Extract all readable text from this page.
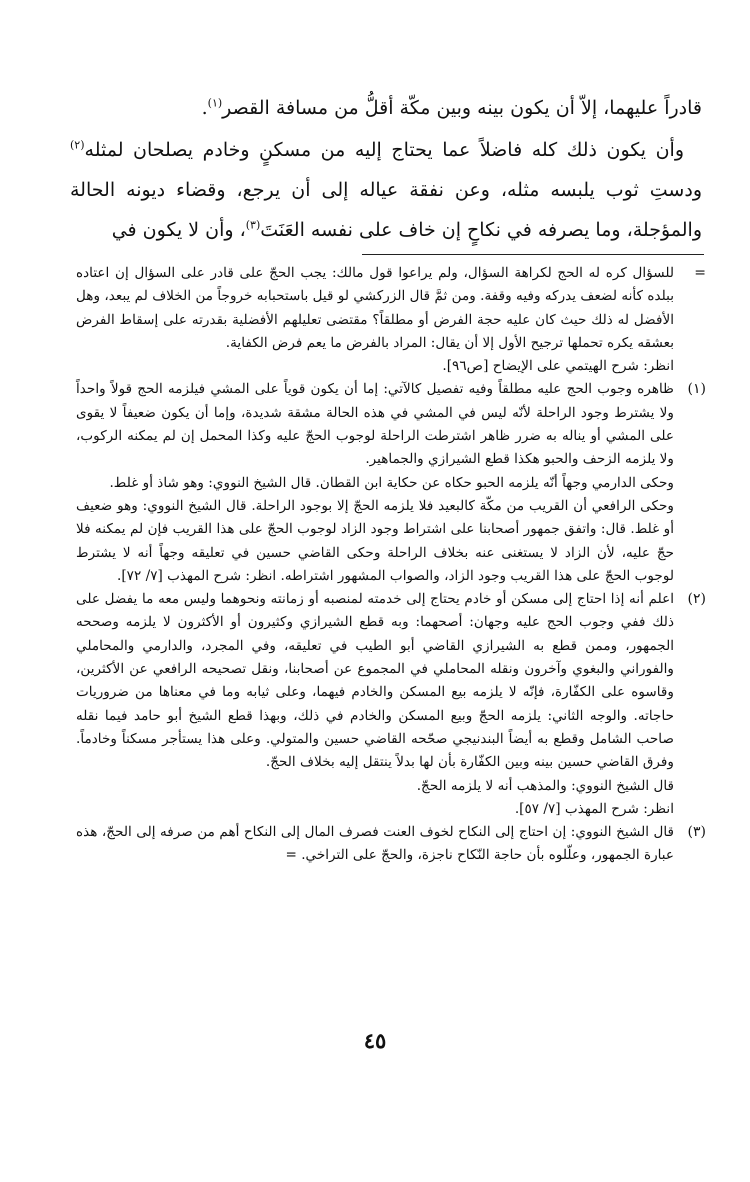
قادراً عليهما، إلاّ أن يكون بينه وبين مكّة أقلُّ من مسافة القصر$^{(١)}$.

وأن يكون ذلك كله فاضلاً عما يحتاج إليه من مسكنٍ وخادم يصلحان لمثله$^{(٢)}$ ودستِ ثوب يلبسه مثله، وعن نفقة عياله إلى أن يرجع، وقضاء ديونه الحالة والمؤجلة، وما يصرفه في نكاحٍ إن خاف على نفسه العَنَتَ$^{(٣)}$، وأن لا يكون في

=

للسؤال كره له الحج لكراهة السؤال، ولم يراعوا قول مالك: يجب الحجّ على قادر على السؤال إن اعتاده ببلده كأنه لضعف يدركه وفيه وقفة. ومن ثمَّ قال الزركشي لو قيل باستحبابه خروجاً من الخلاف لم يبعد، وهل الأفضل له ذلك حيث كان عليه حجة الفرض أو مطلقاً؟ مقتضى تعليلهم الأفضلية بقدرته على إسقاط الفرض بعشقه يكره تحملها ترجيح الأول إلا أن يقال: المراد بالفرض ما يعم فرض الكفاية.

انظر: شرح الهيتمي على الإيضاح [ص٩٦].

(١)

ظاهره وجوب الحج عليه مطلقاً وفيه تفصيل كالآتي: إما أن يكون قوياً على المشي فيلزمه الحج قولاً واحداً ولا يشترط وجود الراحلة لأنّه ليس في المشي في هذه الحالة مشقة شديدة، وإما أن يكون ضعيفاً لا يقوى على المشي أو يناله به ضرر ظاهر اشترطت الراحلة لوجوب الحجّ عليه وكذا المحمل إن لم يمكنه الركوب، ولا يلزمه الزحف والحبو هكذا قطع الشيرازي والجماهير.

وحكى الدارمي وجهاً أنّه يلزمه الحبو حكاه عن حكاية ابن القطان. قال الشيخ النووي: وهو شاذ أو غلط.

وحكى الرافعي أن القريب من مكّة كالبعيد فلا يلزمه الحجّ إلا بوجود الراحلة. قال الشيخ النووي: وهو ضعيف أو غلط. قال: واتفق جمهور أصحابنا على اشتراط وجود الزاد لوجوب الحجّ على هذا القريب فإن لم يمكنه فلا حجّ عليه، لأن الزاد لا يستغنى عنه بخلاف الراحلة وحكى القاضي حسين في تعليقه وجهاً أنه لا يشترط لوجوب الحجّ على هذا القريب وجود الزاد، والصواب المشهور اشتراطه. انظر: شرح المهذب [٧/ ٧٢].

(٢)

اعلم أنه إذا احتاج إلى مسكن أو خادم يحتاج إلى خدمته لمنصبه أو زمانته ونحوهما وليس معه ما يفضل على ذلك ففي وجوب الحج عليه وجهان: أصحهما: وبه قطع الشيرازي وكثيرون أو الأكثرون لا يلزمه وصححه الجمهور، وممن قطع به الشيرازي القاضي أبو الطيب في تعليقه، وفي المجرد، والدارمي والمحاملي والفوراني والبغوي وآخرون ونقله المحاملي في المجموع عن أصحابنا، ونقل تصحيحه الرافعي عن الأكثرين، وقاسوه على الكفّارة، فإنّه لا يلزمه بيع المسكن والخادم فيهما، وعلى ثيابه وما في معناها من ضروريات حاجاته. والوجه الثاني: يلزمه الحجّ وبيع المسكن والخادم في ذلك، وبهذا قطع الشيخ أبو حامد فيما نقله صاحب الشامل وقطع به أيضاً البندنيجي صحّحه القاضي حسين والمتولي. وعلى هذا يستأجر مسكناً وخادماً. وفرق القاضي حسين بينه وبين الكفّارة بأن لها بدلاً ينتقل إليه بخلاف الحجّ.

قال الشيخ النووي: والمذهب أنه لا يلزمه الحجّ.

انظر: شرح المهذب [٧/ ٥٧].

(٣)

قال الشيخ النووي: إن احتاج إلى النكاح لخوف العنت فصرف المال إلى النكاح أهم من صرفه إلى الحجّ، هذه عبارة الجمهور، وعلّلوه بأن حاجة النّكاح ناجزة، والحجّ على التراخي. =

٤٥
